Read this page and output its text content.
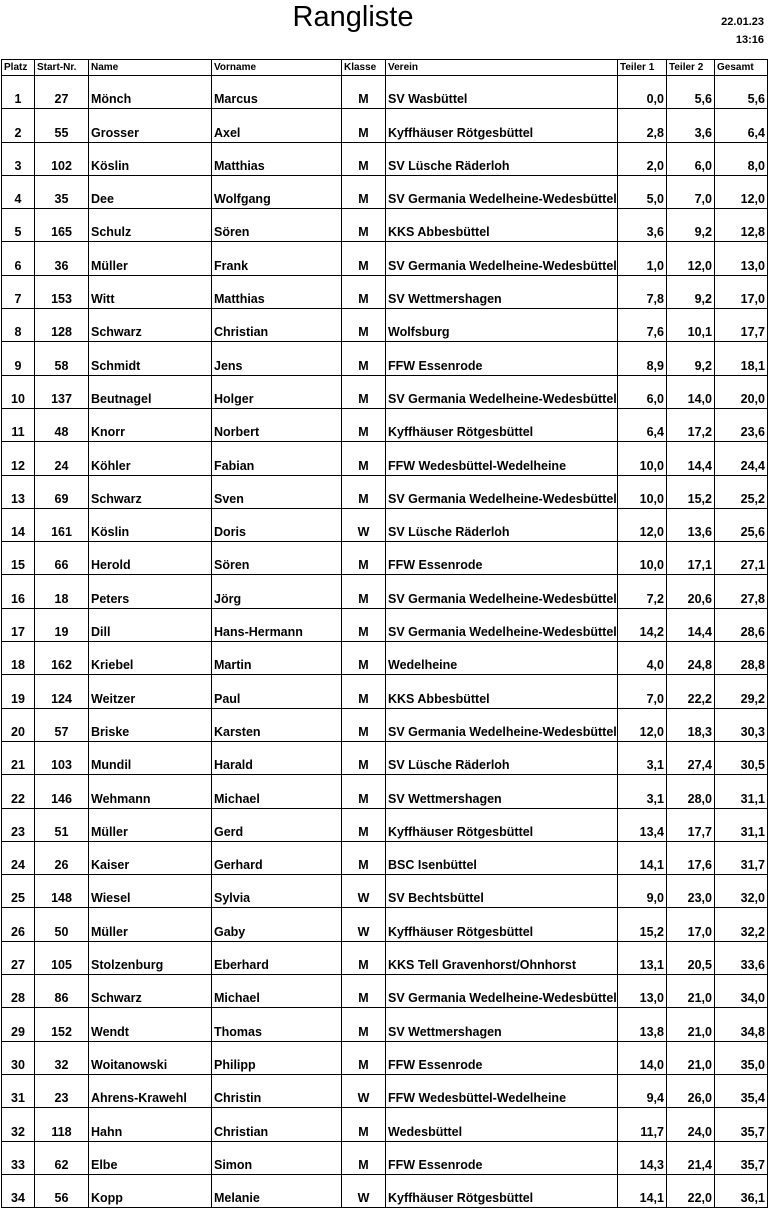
Rangliste	22.01.23
13:16
Platz	Start-Nr.	Name	Vorname	Klasse	Verein	Teiler 1	Teiler 2	Gesamt
1	27	Mönch	Marcus	M	SV Wasbüttel	0,0	5,6	5,6
2	55	Grosser	Axel	M	Kyffhäuser Rötgesbüttel	2,8	3,6	6,4
3	102	Köslin	Matthias	M	SV Lüsche Räderloh	2,0	6,0	8,0
4	35	Dee	Wolfgang	M	SV Germania Wedelheine-Wedesbüttel	5,0	7,0	12,0
5	165	Schulz	Sören	M	KKS Abbesbüttel	3,6	9,2	12,8
6	36	Müller	Frank	M	SV Germania Wedelheine-Wedesbüttel	1,0	12,0	13,0
7	153	Witt	Matthias	M	SV Wettmershagen	7,8	9,2	17,0
8	128	Schwarz	Christian	M	Wolfsburg	7,6	10,1	17,7
9	58	Schmidt	Jens	M	FFW Essenrode	8,9	9,2	18,1
10	137	Beutnagel	Holger	M	SV Germania Wedelheine-Wedesbüttel	6,0	14,0	20,0
11	48	Knorr	Norbert	M	Kyffhäuser Rötgesbüttel	6,4	17,2	23,6
12	24	Köhler	Fabian	M	FFW Wedesbüttel-Wedelheine	10,0	14,4	24,4
13	69	Schwarz	Sven	M	SV Germania Wedelheine-Wedesbüttel	10,0	15,2	25,2
14	161	Köslin	Doris	W	SV Lüsche Räderloh	12,0	13,6	25,6
15	66	Herold	Sören	M	FFW Essenrode	10,0	17,1	27,1
16	18	Peters	Jörg	M	SV Germania Wedelheine-Wedesbüttel	7,2	20,6	27,8
17	19	Dill	Hans-Hermann	M	SV Germania Wedelheine-Wedesbüttel	14,2	14,4	28,6
18	162	Kriebel	Martin	M	Wedelheine	4,0	24,8	28,8
19	124	Weitzer	Paul	M	KKS Abbesbüttel	7,0	22,2	29,2
20	57	Briske	Karsten	M	SV Germania Wedelheine-Wedesbüttel	12,0	18,3	30,3
21	103	Mundil	Harald	M	SV Lüsche Räderloh	3,1	27,4	30,5
22	146	Wehmann	Michael	M	SV Wettmershagen	3,1	28,0	31,1
23	51	Müller	Gerd	M	Kyffhäuser Rötgesbüttel	13,4	17,7	31,1
24	26	Kaiser	Gerhard	M	BSC Isenbüttel	14,1	17,6	31,7
25	148	Wiesel	Sylvia	W	SV Bechtsbüttel	9,0	23,0	32,0
26	50	Müller	Gaby	W	Kyffhäuser Rötgesbüttel	15,2	17,0	32,2
27	105	Stolzenburg	Eberhard	M	KKS Tell Gravenhorst/Ohnhorst	13,1	20,5	33,6
28	86	Schwarz	Michael	M	SV Germania Wedelheine-Wedesbüttel	13,0	21,0	34,0
29	152	Wendt	Thomas	M	SV Wettmershagen	13,8	21,0	34,8
30	32	Woitanowski	Philipp	M	FFW Essenrode	14,0	21,0	35,0
31	23	Ahrens-Krawehl	Christin	W	FFW Wedesbüttel-Wedelheine	9,4	26,0	35,4
32	118	Hahn	Christian	M	Wedesbüttel	11,7	24,0	35,7
33	62	Elbe	Simon	M	FFW Essenrode	14,3	21,4	35,7
34	56	Kopp	Melanie	W	Kyffhäuser Rötgesbüttel	14,1	22,0	36,1
